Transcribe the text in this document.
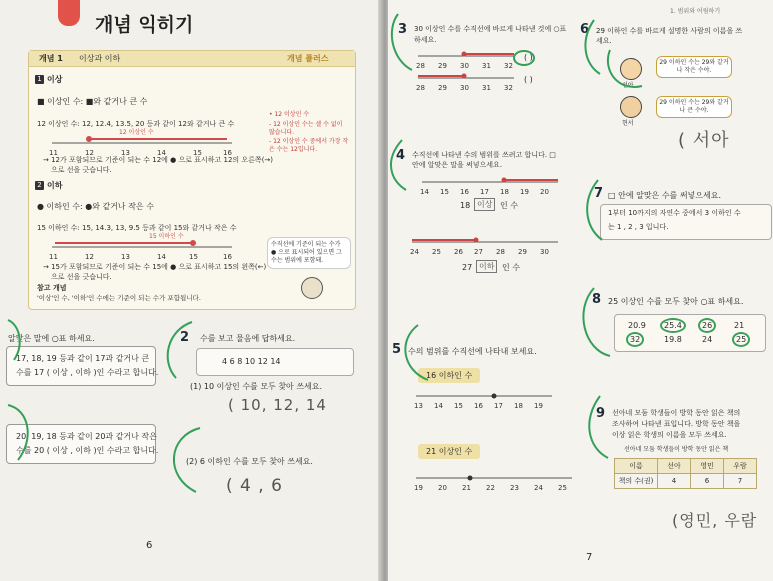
개념 익히기
개념 1 이상과 이하	개념 플러스
1 이상
■ 이상인 수: ■와 같거나 큰 수
12 이상인 수: 12, 12.4, 13.5, 20 등과 같이 12와 같거나 큰 수
11	12	13	14	15	16
12 이상인 수
→ 12가 포함되므로 기준이 되는 수 12에 ● 으로 표시하고 12의 오른쪽(→)
으로 선을 긋습니다.
• 12 이상인 수
- 12 이상인 수는 셀 수 없이 많습니다.
- 12 이상인 수 중에서 가장 작은 수는 12입니다.
2 이하
● 이하인 수: ●와 같거나 작은 수
15 이하인 수: 15, 14.3, 13, 9.5 등과 같이 15와 같거나 작은 수
11	12	13	14	15	16
15 이하인 수
→ 15가 포함되므로 기준이 되는 수 15에 ● 으로 표시하고 15의 왼쪽(←)
으로 선을 긋습니다.
수직선에 기준이 되는 수가 ● 으로 표시되어 있으면 그 수는 범위에 포함돼.
참고 개념
'이상'인 수, '이하'인 수에는 기준이 되는 수가 포함됩니다.
알맞은 말에 ○표 하세요.
17, 18, 19 등과 같이 17과 같거나 큰
수를 17 ( 이상 , 이하 )인 수라고 합니다.
20, 19, 18 등과 같이 20과 같거나 작은
수를 20 ( 이상 , 이하 )인 수라고 합니다.
2 수를 보고 물음에 답하세요.
4 6 8 10 12 14
(1) 10 이상인 수를 모두 찾아 쓰세요.
( 10, 12, 14
(2) 6 이하인 수를 모두 찾아 쓰세요.
( 4 , 6
6
1. 범위와 어림하기
3 30 이상인 수를 수직선에 바르게 나타낸 것에 ○표 하세요.
28 29 30 31 32
( )
28 29 30 31 32
( )
4 수직선에 나타낸 수의 범위를 쓰려고 합니다. □
안에 알맞은 말을 써넣으세요.
14 15 16 17 18 19 20
18 이상 인 수
24 25 26 27 28 29 30
27 이하 인 수
5 수의 범위를 수직선에 나타내 보세요.
16 이하인 수
13 14 15 16 17 18 19
21 이상인 수
19 20 21 22 23 24 25
6 29 이하인 수를 바르게 설명한 사람의 이름을 쓰
세요.
선아
29 이하인 수는 29와 같거나 작은 수야.
현서
29 이하인 수는 29와 같거나 큰 수야.
( 서아
7 □ 안에 알맞은 수를 써넣으세요.
1부터 10까지의 자연수 중에서 3 이하인 수
는 1 , 2 , 3 입니다.
8 25 이상인 수를 모두 찾아 ○표 하세요.
20.9	25.4	26	21
32	19.8	24	25
9 선아네 모둠 학생들이 방학 동안 읽은 책의
조사하여 나타낸 표입니다. 방학 동안 책을
이상 읽은 학생의 이름을 모두 쓰세요.
선아네 모둠 학생들이 방학 동안 읽은 책
이름	선아	영민	우람
책의 수(권)	4	6	7
(영민, 우람
7
